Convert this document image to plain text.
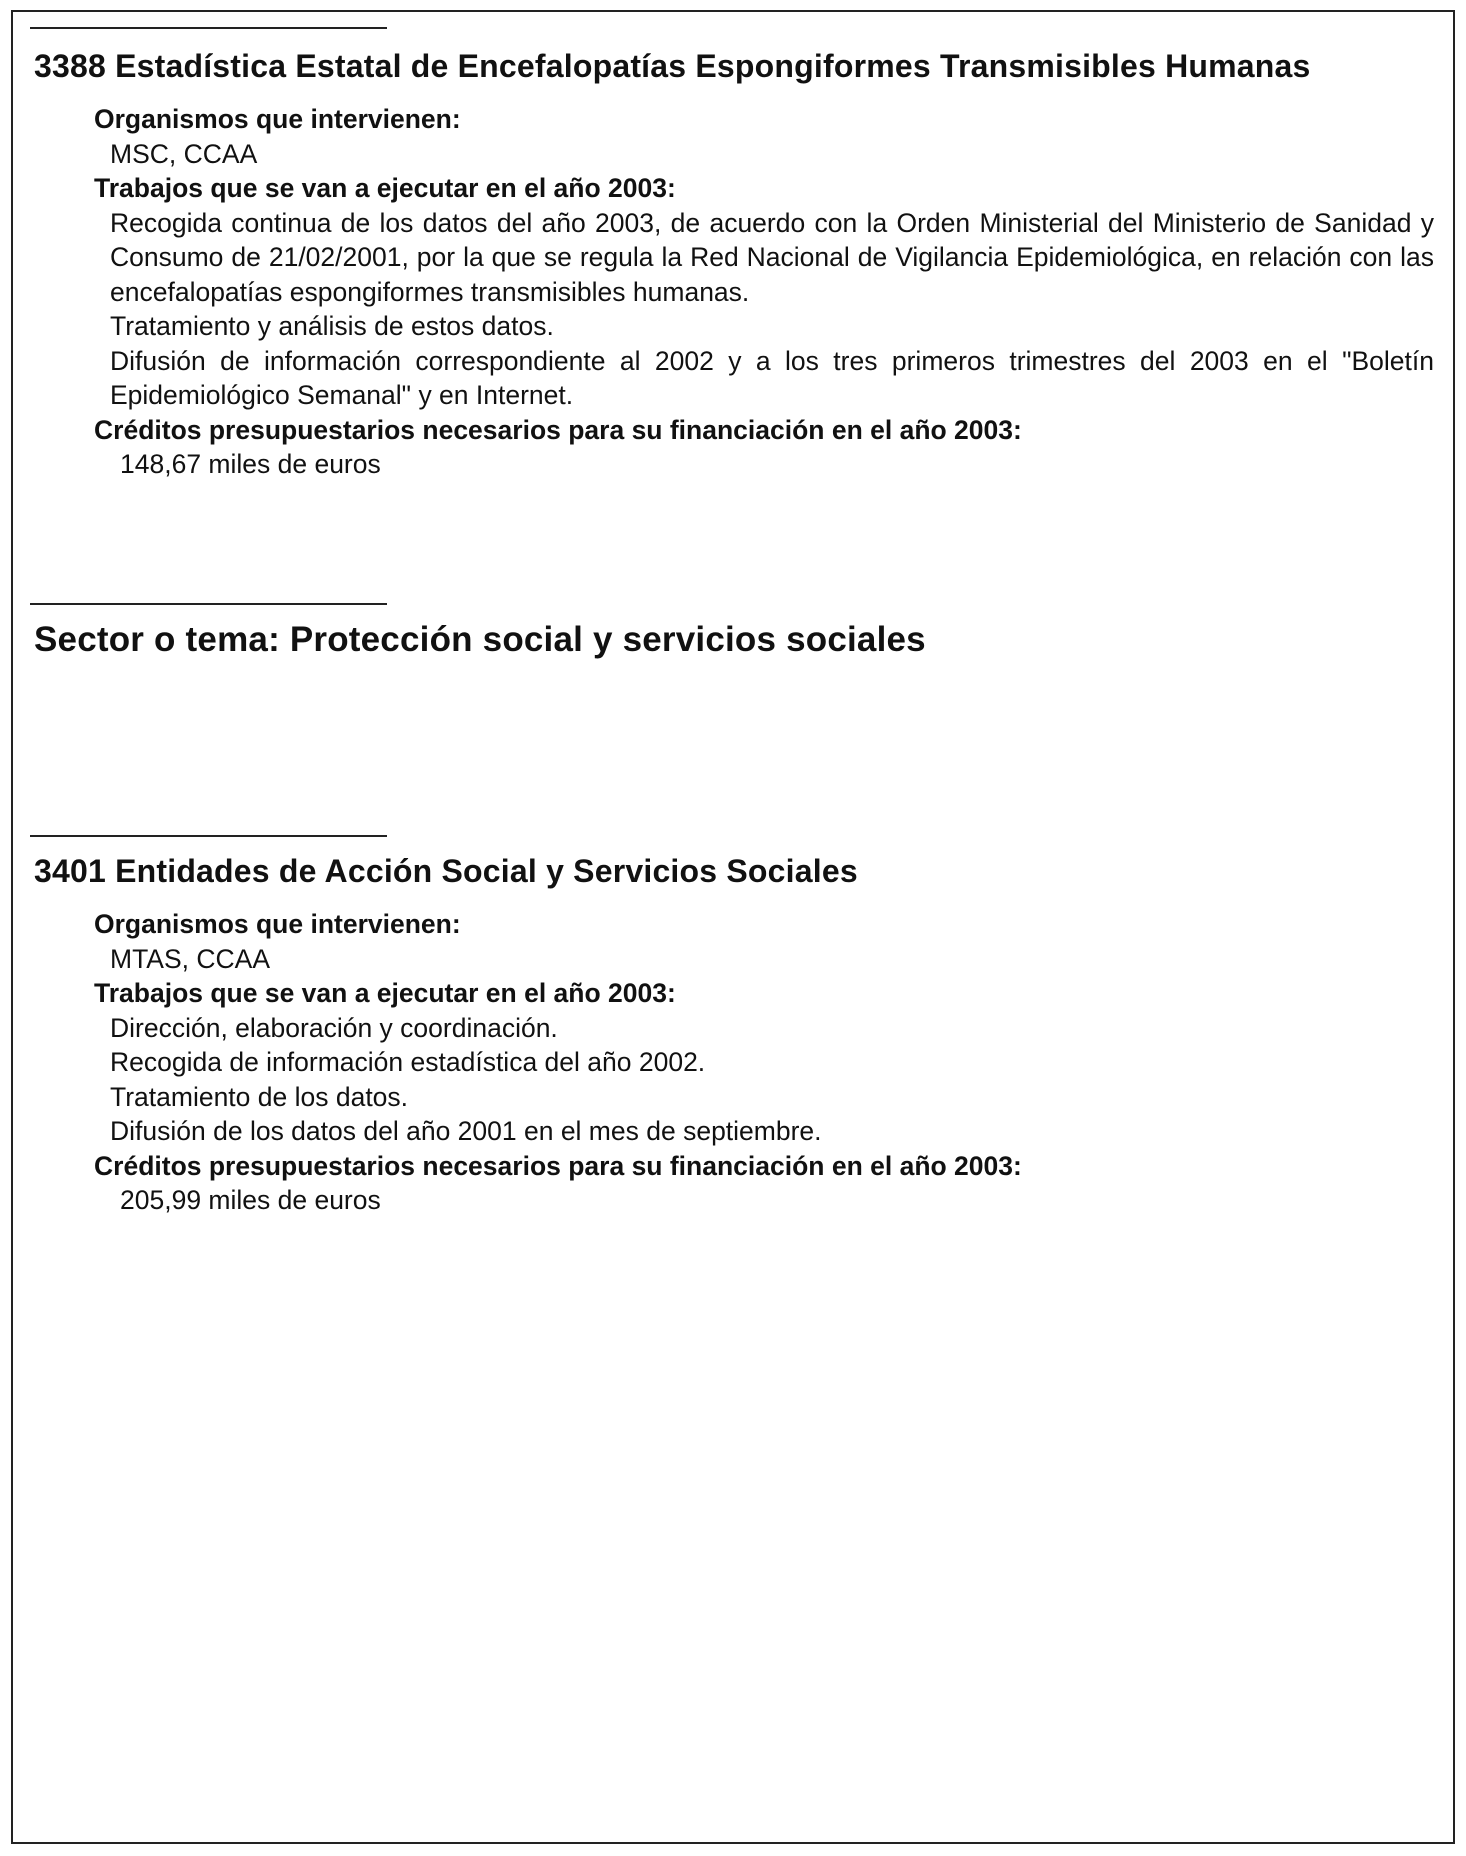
3388 Estadística Estatal de Encefalopatías Espongiformes Transmisibles Humanas

Organismos que intervienen:

MSC, CCAA

Trabajos que se van a ejecutar en el año 2003:

Recogida continua de los datos del año 2003, de acuerdo con la Orden Ministerial del Ministerio de Sanidad y Consumo de 21/02/2001, por la que se regula la Red Nacional de Vigilancia Epidemiológica, en relación con las encefalopatías espongiformes transmisibles humanas.

Tratamiento y análisis de estos datos.

Difusión de información correspondiente al 2002 y a los tres primeros trimestres del 2003 en el "Boletín Epidemiológico Semanal" y en Internet.

Créditos presupuestarios necesarios para su financiación en el año 2003:

148,67 miles de euros

Sector o tema: Protección social y servicios sociales
3401 Entidades de Acción Social y Servicios Sociales

Organismos que intervienen:

MTAS, CCAA

Trabajos que se van a ejecutar en el año 2003:

Dirección, elaboración y coordinación.

Recogida de información estadística del año 2002.

Tratamiento de los datos.

Difusión de los datos del año 2001 en el mes de septiembre.

Créditos presupuestarios necesarios para su financiación en el año 2003:

205,99 miles de euros
